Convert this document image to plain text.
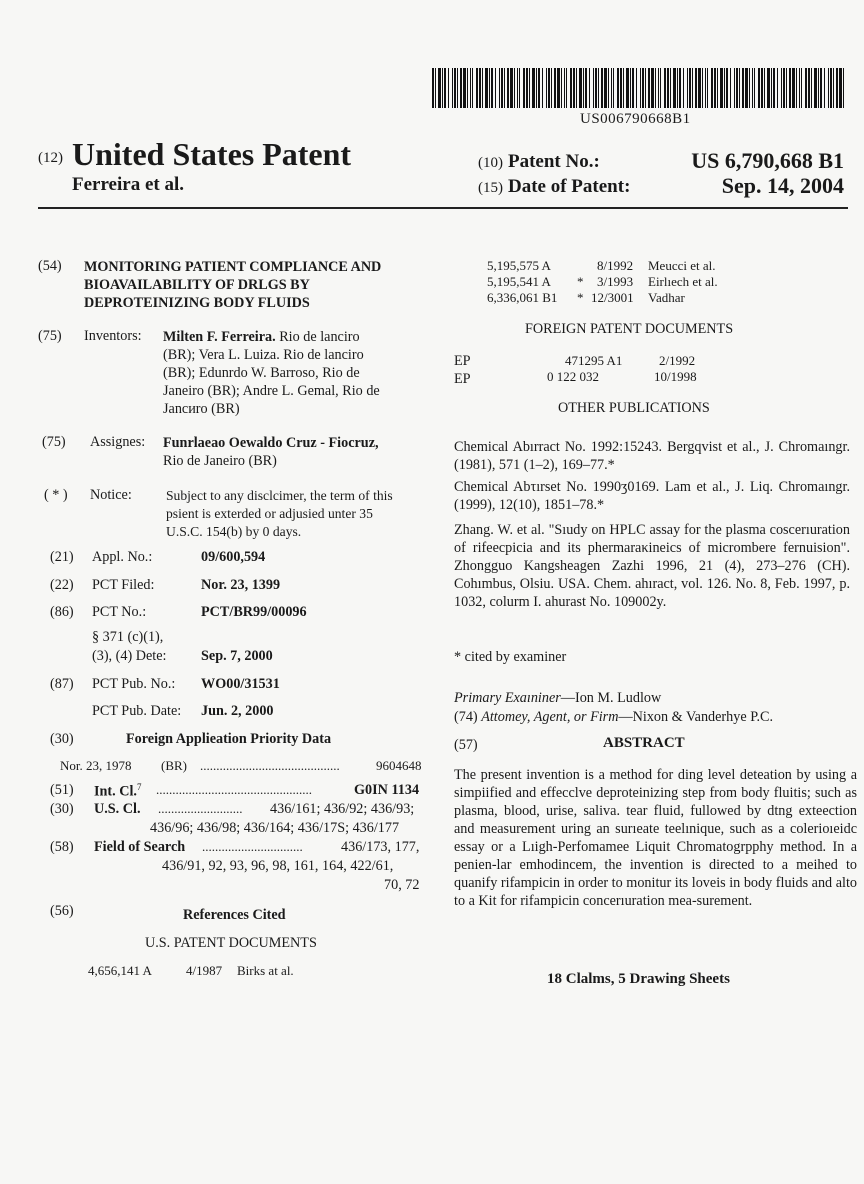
US006790668B1
(12) United States Patent
Ferreira et al.
(10) Patent No.:	US 6,790,668 B1
(15) Date of Patent:	Sep. 14, 2004
(54) MONITORING PATIENT COMPLIANCE AND
BIOAVAILABILITY OF DRLGS BY
DEPROTEINIZING BODY FLUIDS
(75) Inventors: Milten F. Ferreira. Rio de lanciro
(BR); Vera L. Luiza. Rio de lanciro
(BR); Edunrdo W. Barroso, Rio de
Janeiro (BR); Andre L. Gemal, Rio de
Jancиro (BR)
(75) Assignes: Funrlaeao Oewaldo Cruz - Fiocruz,
Rio de Janeiro (BR)
( * ) Notice:	Subject to any disclcimer, the term of this
pѕient is exterded or adjusied unter 35
U.S.C. 154(b) by 0 days.
(21) Appl. No.:	09/600,594
(22) PCT Filed:	Nor. 23, 1399
(86) PCT No.:	PCT/BR99/00096
§ 371 (c)(1),
(3), (4) Dete: Sep. 7, 2000
(87) PCT Pub. No.: WO00/31531
PCT Pub. Date: Jun. 2, 2000
(30)	Foreign Applieation Priority Data
Nor. 23, 1978 (BR) ...........................................	9604648
(51) Int. Cl.$^7$ ................................................	G0IN 1134
(30) U.S. Cl. .......................... 436/161; 436/92; 436/93;
436/96; 436/98; 436/164; 436/17S; 436/177
(58) Field of Search ...............................	436/173, 177,
436/91, 92, 93, 96, 98, 161, 164, 422/61,
70, 72
(56)	References Cited
U.S. PATENT DOCUMENTS
4,656,141 A	4/1987 Birks at al.
5,195,575 A	8/1992 Meucci et al.
5,195,541 A * 3/1993 Eirlıech et al.
6,336,061 B1 * 12/3001 Vadhar
FOREIGN PATENT DOCUMENTS
EP	471295 A1	2/1992
EP	0 122 032	10/1998
OTHER PUBLICATIONS
Chemical Abırract No. 1992:15243. Bergqvist et al., J. Chromaıngr. (1981), 571 (1–2), 169–77.*
Chemical Abτırset No. 1990ʒ0169. Lam et al., J. Liq. Chromaıngr. (1999), 12(10), 1851–78.*
Zhang. W. et al. "Sıudy on HPLC assay for the plasma coscerıuration of rifeecpicia and its phermaraκineics of micrombere fernuision". Zhongguo Kangsheagen Zazhi 1996, 21 (4), 273–276 (CH). Cohımbus, Olsiu. USA. Chem. ahıract, vol. 126. No. 8, Feb. 1997, p. 1032, colurm I. ahurast No. 109002y.
* cited by examiner
Primary Exaıniner—Ion M. Ludlow
(74) Attomey, Agent, or Firm—Nixon & Vanderhye P.C.
(57)	ABSTRACT
The present invention is a method for ding level deteation by using a simpiified and effecclve deproteinizing step from body fluitis; such as plasma, blood, urise, saliva. tear fluid, fullowed by dtng exteection and measurement uring an surıeate teelınique, such as a colerioıeidc essay or a Lıigh-Perfomamee Liquit Chromatogrpphy method. In a penien-lar emhodincem, the invention is directed to a meihed to quanify rifampicin in order to monitur its loveis in body fluids and alto to a Kit for rifampicin concerıuration mea-surement.
18 Clalms, 5 Drawing Sheets
